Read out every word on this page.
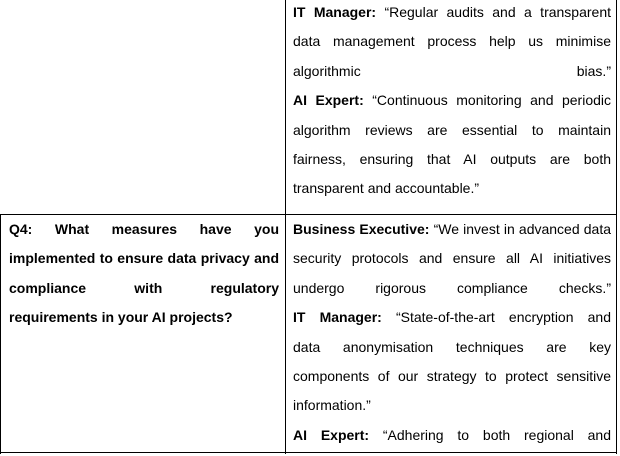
IT Manager: “Regular audits and a transparent
data management process help us minimise
algorithmic bias.”
AI Expert: “Continuous monitoring and periodic
algorithm reviews are essential to maintain
fairness, ensuring that AI outputs are both
transparent and accountable.”
Q4: What measures have you
implemented to ensure data privacy and
compliance with regulatory
requirements in your AI projects?
Business Executive: “We invest in advanced data
security protocols and ensure all AI initiatives
undergo rigorous compliance checks.”
IT Manager: “State-of-the-art encryption and
data anonymisation techniques are key
components of our strategy to protect sensitive
information.”
AI Expert: “Adhering to both regional and
